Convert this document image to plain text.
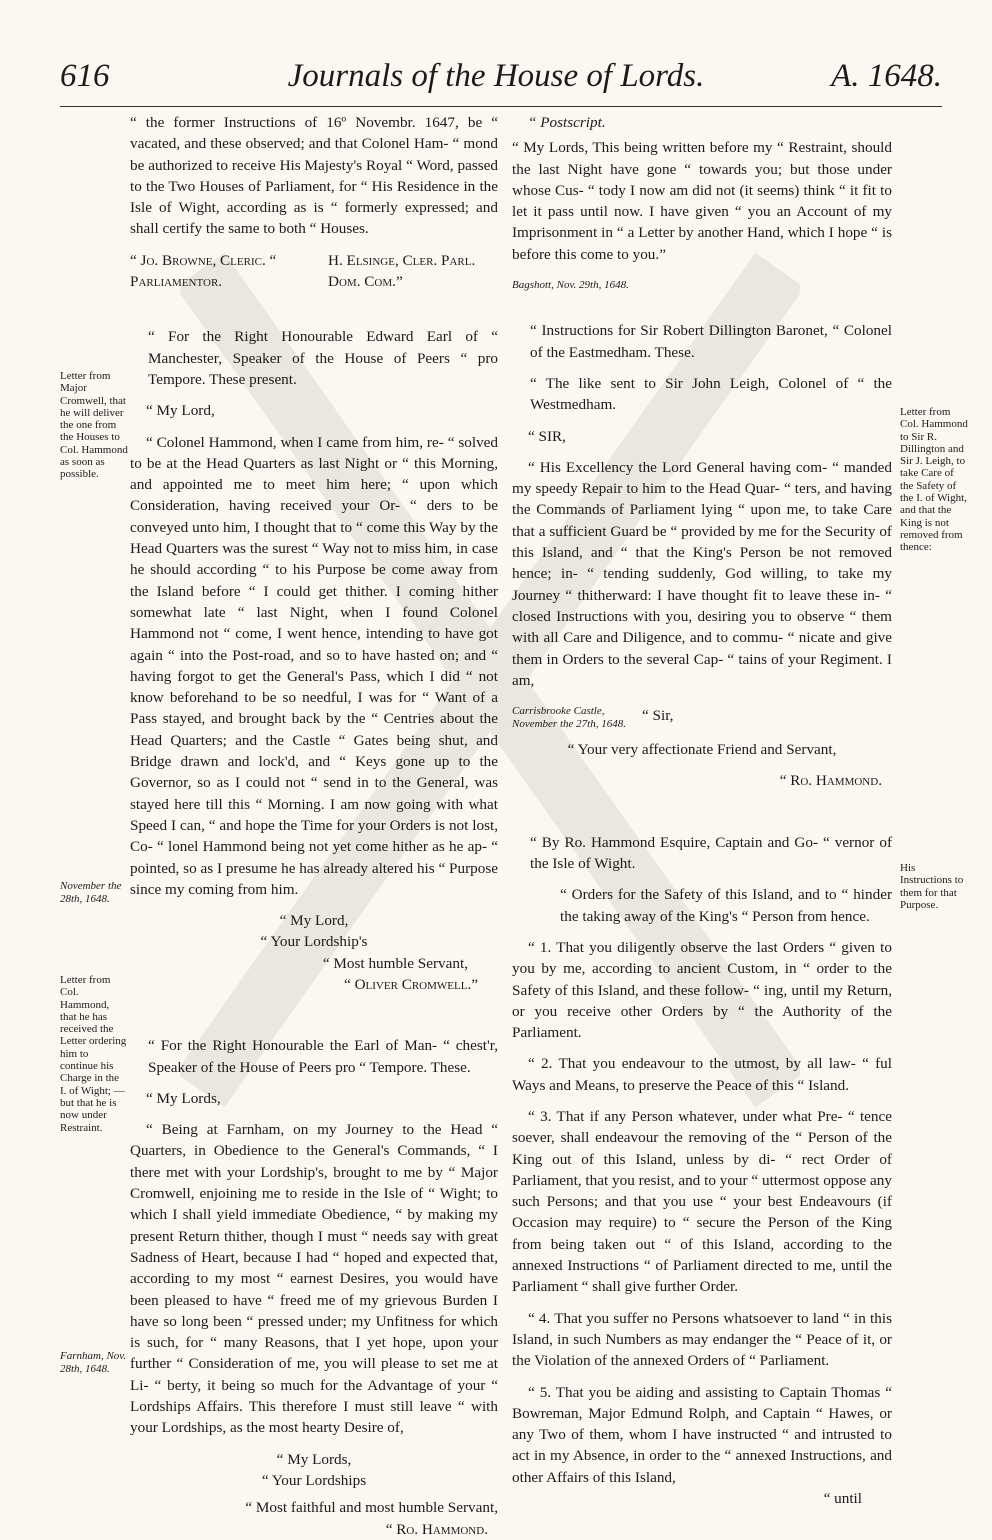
616	Journals of the House of Lords.	A. 1648.
Letter from Major Cromwell, that he will deliver the one from the Houses to Col. Hammond as soon as possible.
November the 28th, 1648.
Letter from Col. Hammond, that he has received the Letter ordering him to continue his Charge in the I. of Wight; —but that he is now under Restraint.
Farnham, Nov. 28th, 1648.
Letter from Col. Hammond to Sir R. Dillington and Sir J. Leigh, to take Care of the Safety of the I. of Wight, and that the King is not removed from thence:
His Instructions to them for that Purpose.

“ the former Instructions of 16º Novembr. 1647, be “ vacated, and these observed; and that Colonel Ham- “ mond be authorized to receive His Majesty's Royal “ Word, passed to the Two Houses of Parliament, for “ His Residence in the Isle of Wight, according as is “ formerly expressed; and shall certify the same to both “ Houses.

“ Jo. Browne, Cleric. “ Parliamentor.
H. Elsinge, Cler. Parl. Dom. Com.”

“ For the Right Honourable Edward Earl of “ Manchester, Speaker of the House of Peers “ pro Tempore. These present.

“ My Lord,

“ Colonel Hammond, when I came from him, re- “ solved to be at the Head Quarters as last Night or “ this Morning, and appointed me to meet him here; “ upon which Consideration, having received your Or- “ ders to be conveyed unto him, I thought that to “ come this Way by the Head Quarters was the surest “ Way not to miss him, in case he should according “ to his Purpose be come away from the Island before “ I could get thither. I coming hither somewhat late “ last Night, when I found Colonel Hammond not “ come, I went hence, intending to have got again “ into the Post-road, and so to have hasted on; and “ having forgot to get the General's Pass, which I did “ not know beforehand to be so needful, I was for “ Want of a Pass stayed, and brought back by the “ Centries about the Head Quarters; and the Castle “ Gates being shut, and Bridge drawn and lock'd, and “ Keys gone up to the Governor, so as I could not “ send in to the General, was stayed here till this “ Morning. I am now going with what Speed I can, “ and hope the Time for your Orders is not lost, Co- “ lonel Hammond being not yet come hither as he ap- “ pointed, so as I presume he has already altered his “ Purpose since my coming from him.

“ My Lord,

“ Your Lordship's

“ Most humble Servant,

“ Oliver Cromwell.”

“ For the Right Honourable the Earl of Man- “ chest'r, Speaker of the House of Peers pro “ Tempore. These.

“ My Lords,

“ Being at Farnham, on my Journey to the Head “ Quarters, in Obedience to the General's Commands, “ I there met with your Lordship's, brought to me by “ Major Cromwell, enjoining me to reside in the Isle of “ Wight; to which I shall yield immediate Obedience, “ by making my present Return thither, though I must “ needs say with great Sadness of Heart, because I had “ hoped and expected that, according to my most “ earnest Desires, you would have been pleased to have “ freed me of my grievous Burden I have so long been “ pressed under; my Unfitness for which is such, for “ many Reasons, that I yet hope, upon your further “ Consideration of me, you will please to set me at Li- “ berty, it being so much for the Advantage of your “ Lordships Affairs. This therefore I must still leave “ with your Lordships, as the most hearty Desire of,

“ My Lords,

“ Your Lordships

“ Most faithful and most humble Servant,

“ Ro. Hammond.

“ Postscript.

“ My Lords, This being written before my “ Restraint, should the last Night have gone “ towards you; but those under whose Cus- “ tody I now am did not (it seems) think “ it fit to let it pass until now. I have given “ you an Account of my Imprisonment in “ a Letter by another Hand, which I hope “ is before this come to you.”

Bagshott, Nov. 29th, 1648.

“ Instructions for Sir Robert Dillington Baronet, “ Colonel of the Eastmedham. These.

“ The like sent to Sir John Leigh, Colonel of “ the Westmedham.

“ SIR,

“ His Excellency the Lord General having com- “ manded my speedy Repair to him to the Head Quar- “ ters, and having the Commands of Parliament lying “ upon me, to take Care that a sufficient Guard be “ provided by me for the Security of this Island, and “ that the King's Person be not removed hence; in- “ tending suddenly, God willing, to take my Journey “ thitherward: I have thought fit to leave these in- “ closed Instructions with you, desiring you to observe “ them with all Care and Diligence, and to commu- “ nicate and give them in Orders to the several Cap- “ tains of your Regiment. I am,

Carrisbrooke Castle, November the 27th, 1648.	“ Sir,

“ Your very affectionate Friend and Servant,

“ Ro. Hammond.

“ By Ro. Hammond Esquire, Captain and Go- “ vernor of the Isle of Wight.

“ Orders for the Safety of this Island, and to “ hinder the taking away of the King's “ Person from hence.

“ 1. That you diligently observe the last Orders “ given to you by me, according to ancient Custom, in “ order to the Safety of this Island, and these follow- “ ing, until my Return, or you receive other Orders by “ the Authority of the Parliament.

“ 2. That you endeavour to the utmost, by all law- “ ful Ways and Means, to preserve the Peace of this “ Island.

“ 3. That if any Person whatever, under what Pre- “ tence soever, shall endeavour the removing of the “ Person of the King out of this Island, unless by di- “ rect Order of Parliament, that you resist, and to your “ uttermost oppose any such Persons; and that you use “ your best Endeavours (if Occasion may require) to “ secure the Person of the King from being taken out “ of this Island, according to the annexed Instructions “ of Parliament directed to me, until the Parliament “ shall give further Order.

“ 4. That you suffer no Persons whatsoever to land “ in this Island, in such Numbers as may endanger the “ Peace of it, or the Violation of the annexed Orders of “ Parliament.

“ 5. That you be aiding and assisting to Captain Thomas “ Bowreman, Major Edmund Rolph, and Captain “ Hawes, or any Two of them, whom I have instructed “ and intrusted to act in my Absence, in order to the “ annexed Instructions, and other Affairs of this Island,

“ until
